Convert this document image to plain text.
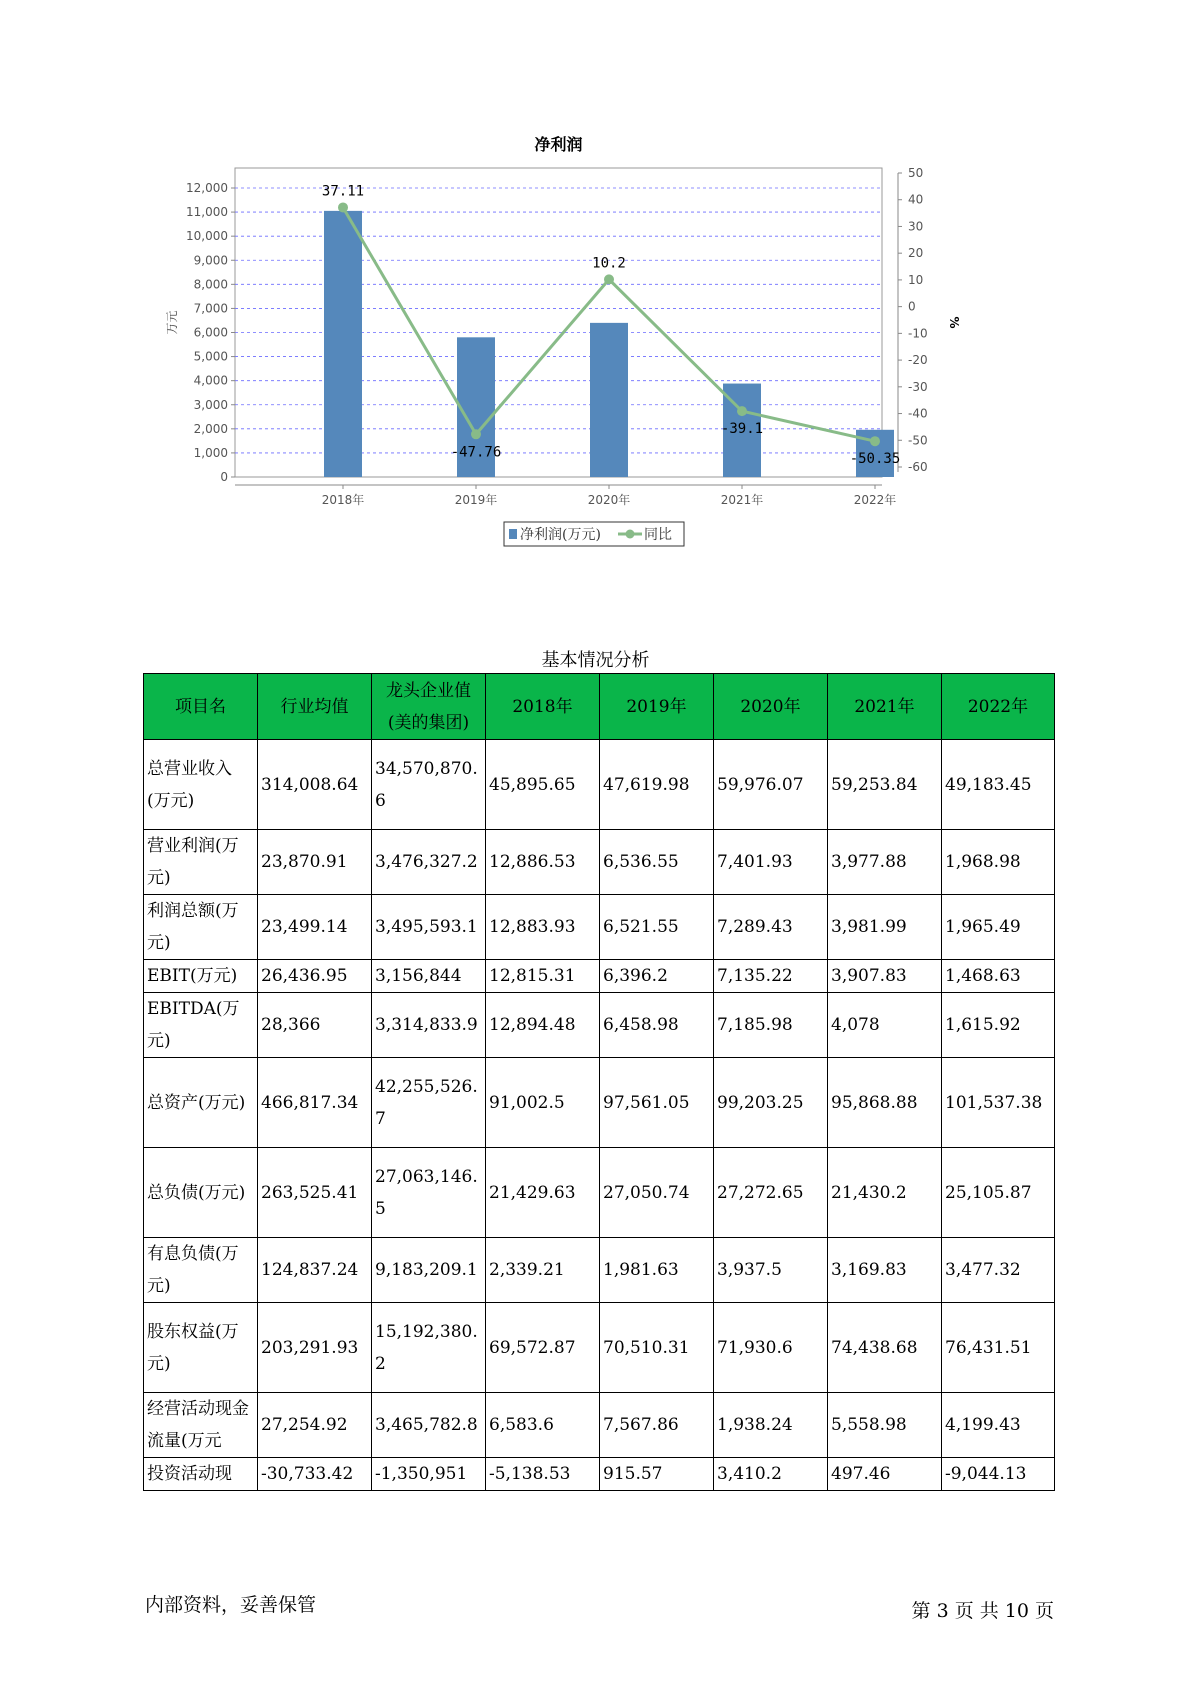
净利润
0
1,000
2,000
3,000
4,000
5,000
6,000
7,000
8,000
9,000
10,000
11,000
12,000
-60
-50
-40
-30
-20
-10
0
10
20
30
40
50
万元	%
2018年	2019年	2020年	2021年	2022年
37.11
-47.76
10.2
-39.1
-50.35
净利润(万元)	同比
基本情况分析
项目名	行业均值	龙头企业值(美的集团)	2018年	2019年	2020年	2021年	2022年
总营业收入(万元)	314,008.64	34,570,870.6	45,895.65	47,619.98	59,976.07	59,253.84	49,183.45
营业利润(万元)	23,870.91	3,476,327.2	12,886.53	6,536.55	7,401.93	3,977.88	1,968.98
利润总额(万元)	23,499.14	3,495,593.1	12,883.93	6,521.55	7,289.43	3,981.99	1,965.49
EBIT(万元)	26,436.95	3,156,844	12,815.31	6,396.2	7,135.22	3,907.83	1,468.63
EBITDA(万元)	28,366	3,314,833.9	12,894.48	6,458.98	7,185.98	4,078	1,615.92
总资产(万元)	466,817.34	42,255,526.7	91,002.5	97,561.05	99,203.25	95,868.88	101,537.38
总负债(万元)	263,525.41	27,063,146.5	21,429.63	27,050.74	27,272.65	21,430.2	25,105.87
有息负债(万元)	124,837.24	9,183,209.1	2,339.21	1,981.63	3,937.5	3,169.83	3,477.32
股东权益(万元)	203,291.93	15,192,380.2	69,572.87	70,510.31	71,930.6	74,438.68	76,431.51
经营活动现金流量(万元	27,254.92	3,465,782.8	6,583.6	7,567.86	1,938.24	5,558.98	4,199.43
投资活动现	-30,733.42	-1,350,951	-5,138.53	915.57	3,410.2	497.46	-9,044.13
内部资料，妥善保管	第 3 页 共 10 页
